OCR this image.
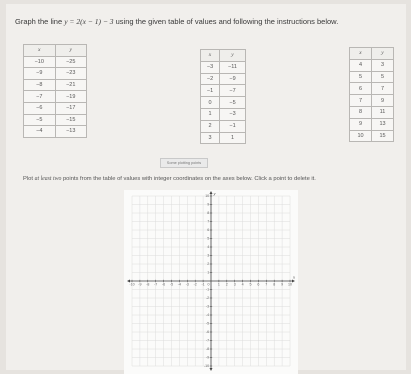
Graph the line y = 2(x − 1) − 3 using the given table of values and following the instructions below.
x	y
−10	−25
−9	−23
−8	−21
−7	−19
−6	−17
−5	−15
−4	−13
x	y
−3	−11
−2	−9
−1	−7
0	−5
1	−3
2	−1
3	1
x	y
4	3
5	5
6	7
7	9
8	11
9	13
10	15
Some plotting points
Plot at least two points from the table of values with integer coordinates on the axes below. Click a point to delete it.
-10 -9 -8 -7 -6 -5 -4 -3 -2 -1	1 2 3 4 5 6 7 8 9 10
-10
-9
-8
-7
-6
-5
-4
-3
-2
-1
1
2
3
4
5
6
7
8
9
10
0
x
y
